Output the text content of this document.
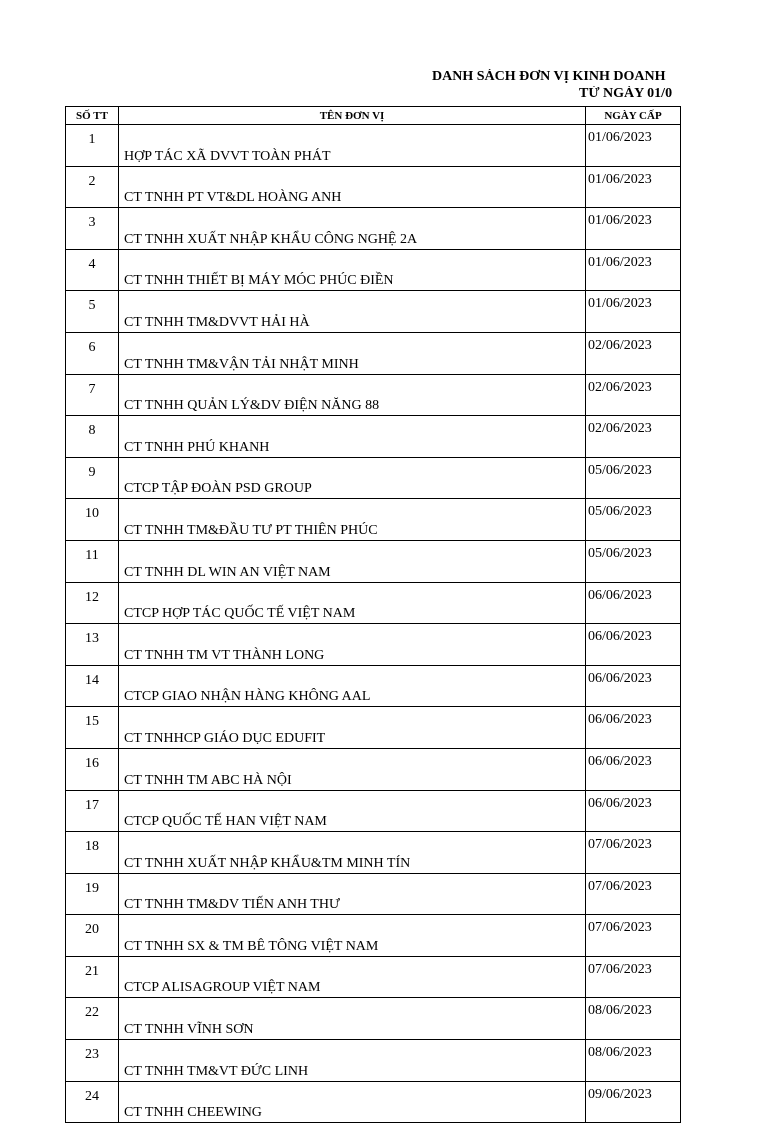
DANH SÁCH ĐƠN VỊ KINH DOANH
TỪ NGÀY 01/0
SỐ TT	TÊN ĐƠN VỊ	NGÀY CẤP
1	HỢP TÁC XÃ DVVT TOÀN PHÁT	01/06/2023
2	CT TNHH PT VT&DL HOÀNG ANH	01/06/2023
3	CT TNHH XUẤT NHẬP KHẨU CÔNG NGHỆ 2A	01/06/2023
4	CT TNHH THIẾT BỊ MÁY MÓC PHÚC ĐIỀN	01/06/2023
5	CT TNHH TM&DVVT HẢI HÀ	01/06/2023
6	CT TNHH TM&VẬN TẢI NHẬT MINH	02/06/2023
7	CT TNHH QUẢN LÝ&DV ĐIỆN NĂNG 88	02/06/2023
8	CT TNHH PHÚ KHANH	02/06/2023
9	CTCP TẬP ĐOÀN PSD GROUP	05/06/2023
10	CT TNHH TM&ĐẦU TƯ PT THIÊN PHÚC	05/06/2023
11	CT TNHH DL WIN AN VIỆT NAM	05/06/2023
12	CTCP HỢP TÁC QUỐC TẾ VIỆT NAM	06/06/2023
13	CT TNHH TM VT THÀNH LONG	06/06/2023
14	CTCP GIAO NHẬN HÀNG KHÔNG AAL	06/06/2023
15	CT TNHHCP GIÁO DỤC EDUFIT	06/06/2023
16	CT TNHH TM ABC HÀ NỘI	06/06/2023
17	CTCP QUỐC TẾ HAN VIỆT NAM	06/06/2023
18	CT TNHH XUẤT NHẬP KHẨU&TM MINH TÍN	07/06/2023
19	CT TNHH TM&DV TIẾN ANH THƯ	07/06/2023
20	CT TNHH SX & TM BÊ TÔNG VIỆT NAM	07/06/2023
21	CTCP ALISAGROUP VIỆT NAM	07/06/2023
22	CT TNHH VĨNH SƠN	08/06/2023
23	CT TNHH TM&VT ĐỨC LINH	08/06/2023
24	CT TNHH CHEEWING	09/06/2023
